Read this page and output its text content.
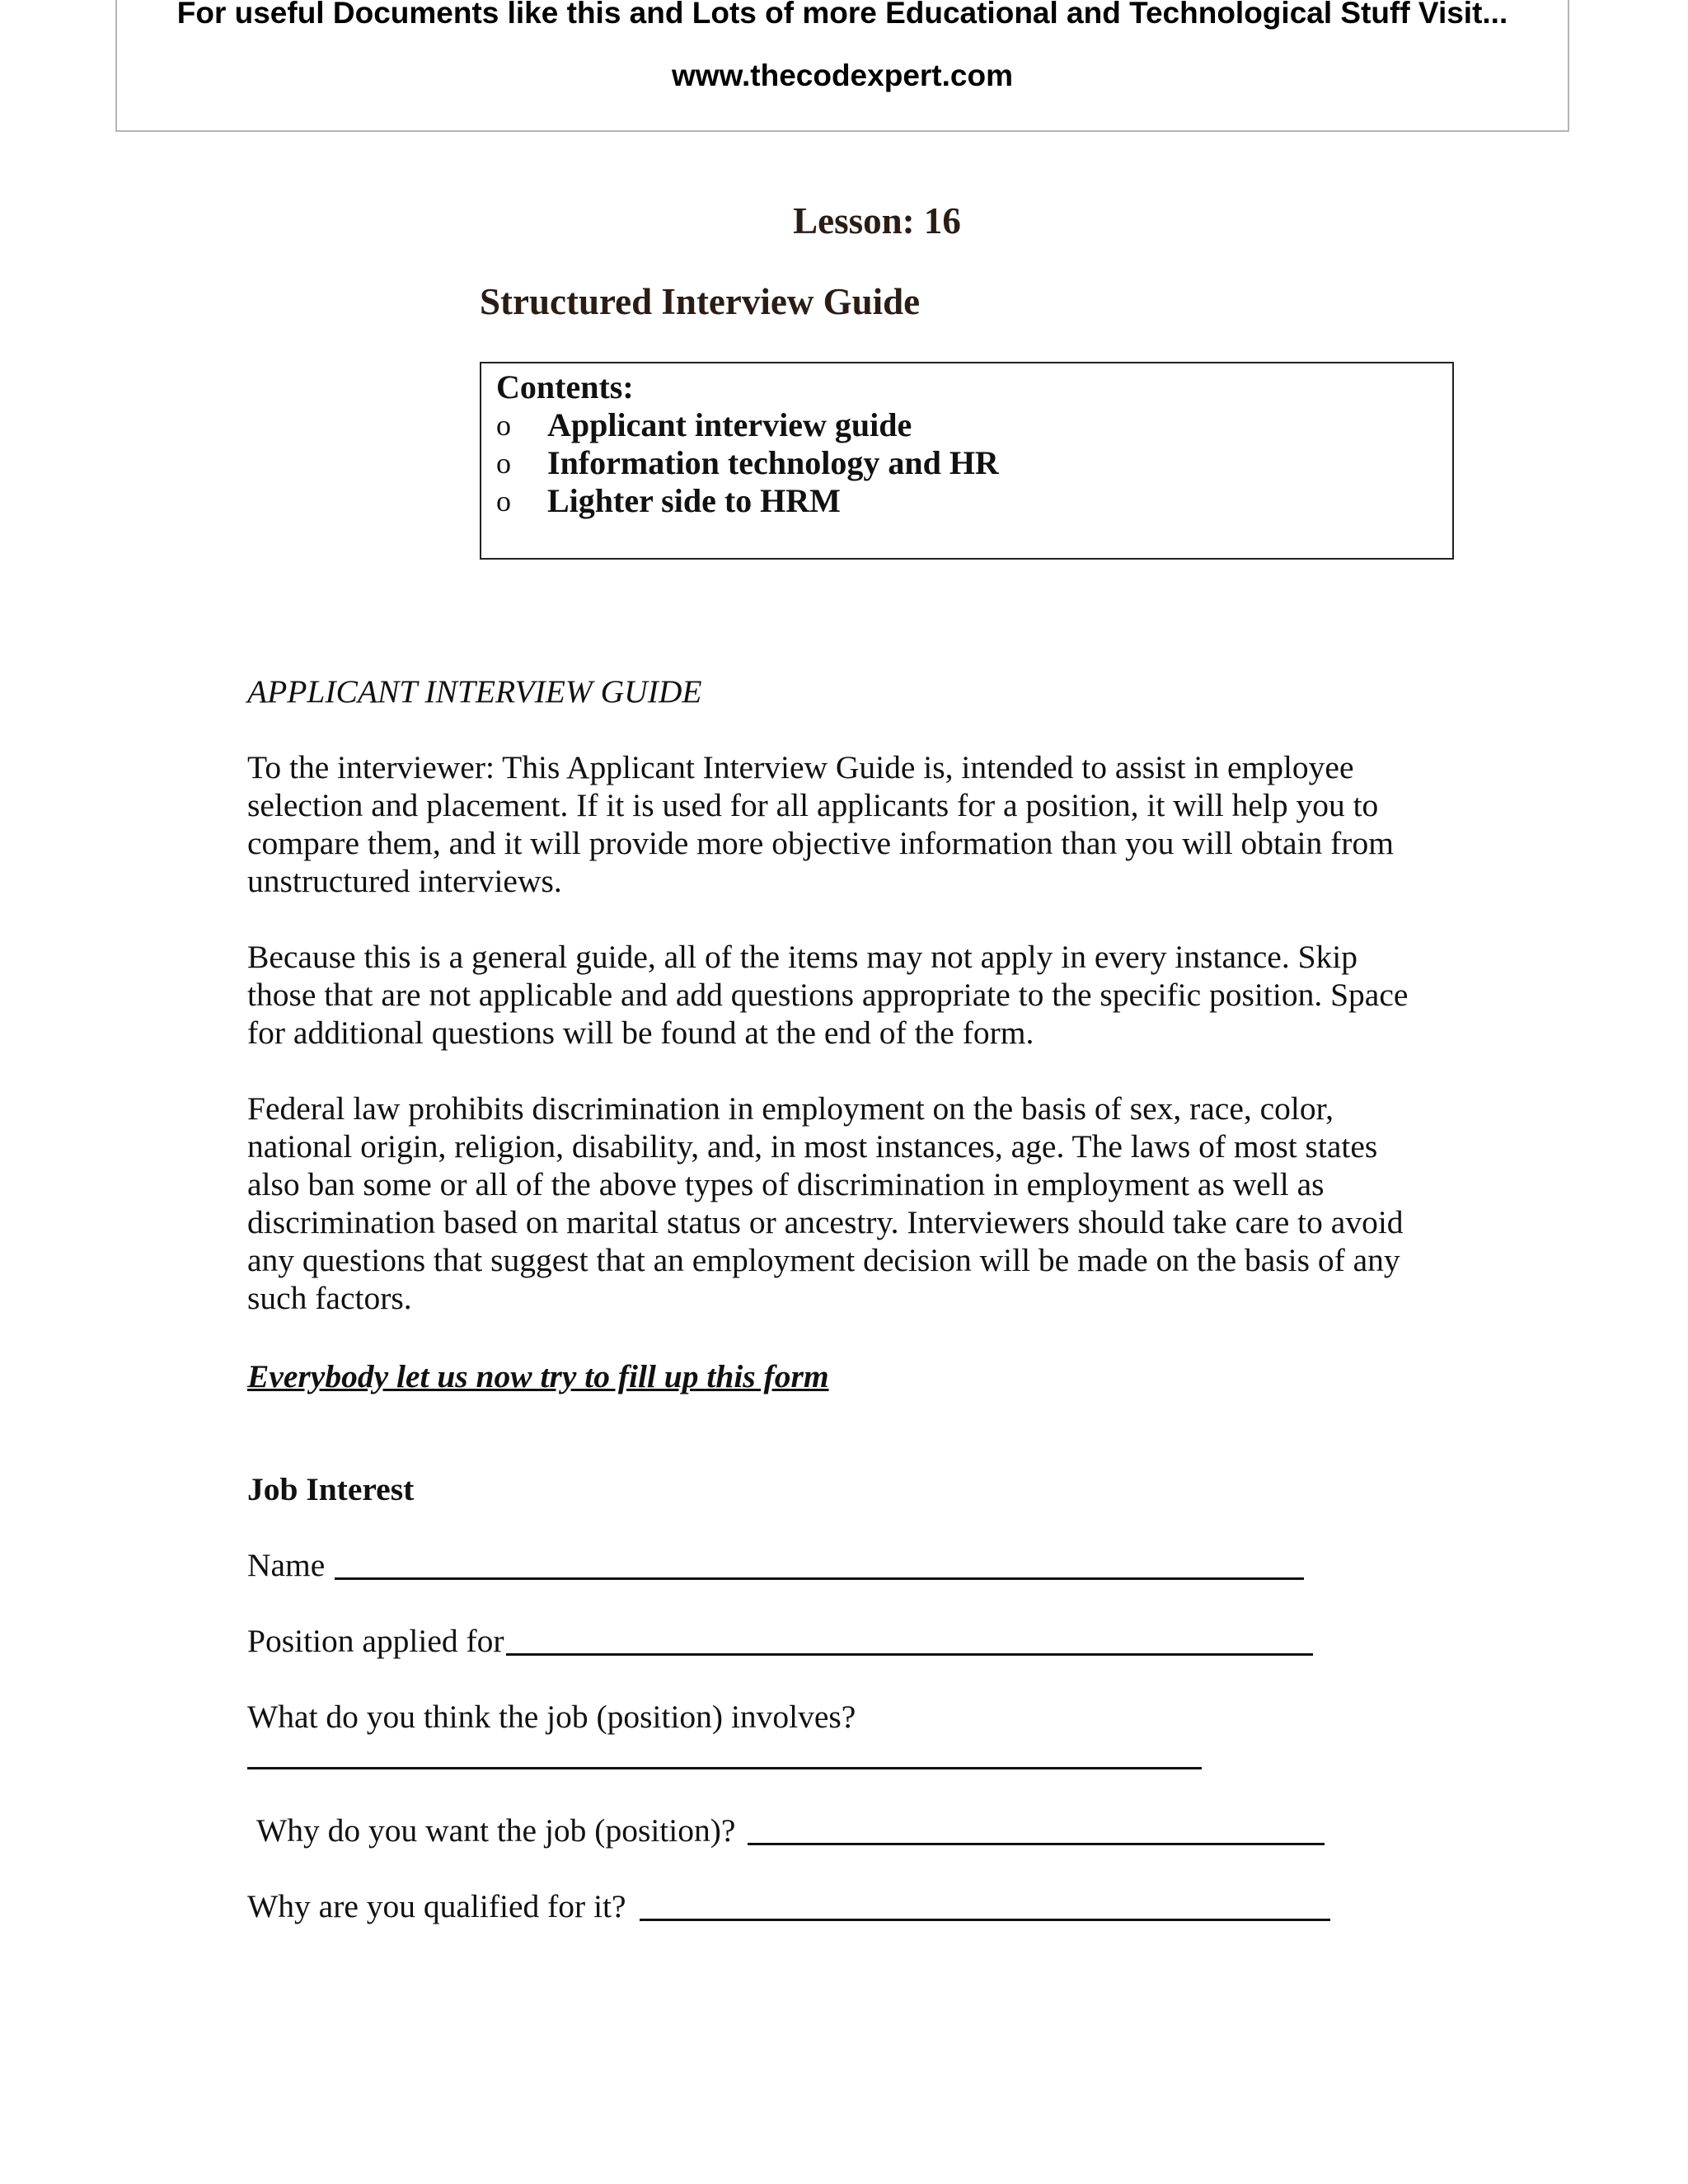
For useful Documents like this and Lots of more Educational and Technological Stuff Visit...
www.thecodexpert.com
Lesson: 16
Structured Interview Guide
Contents:
o	Applicant interview guide
o	Information technology and HR
o	Lighter side to HRM
APPLICANT INTERVIEW GUIDE

To the interviewer: This Applicant Interview Guide is, intended to assist in employee selection and placement. If it is used for all applicants for a position, it will help you to compare them, and it will provide more objective information than you will obtain from unstructured interviews.

Because this is a general guide, all of the items may not apply in every instance. Skip those that are not applicable and add questions appropriate to the specific position. Space for additional questions will be found at the end of the form.

Federal law prohibits discrimination in employment on the basis of sex, race, color, national origin, religion, disability, and, in most instances, age. The laws of most states also ban some or all of the above types of discrimination in employment as well as discrimination based on marital status or ancestry. Interviewers should take care to avoid any questions that suggest that an employment decision will be made on the basis of any such factors.

Everybody let us now try to fill up this form
Job Interest
Name
Position applied for
What do you think the job (position) involves?
Why do you want the job (position)?
Why are you qualified for it?
